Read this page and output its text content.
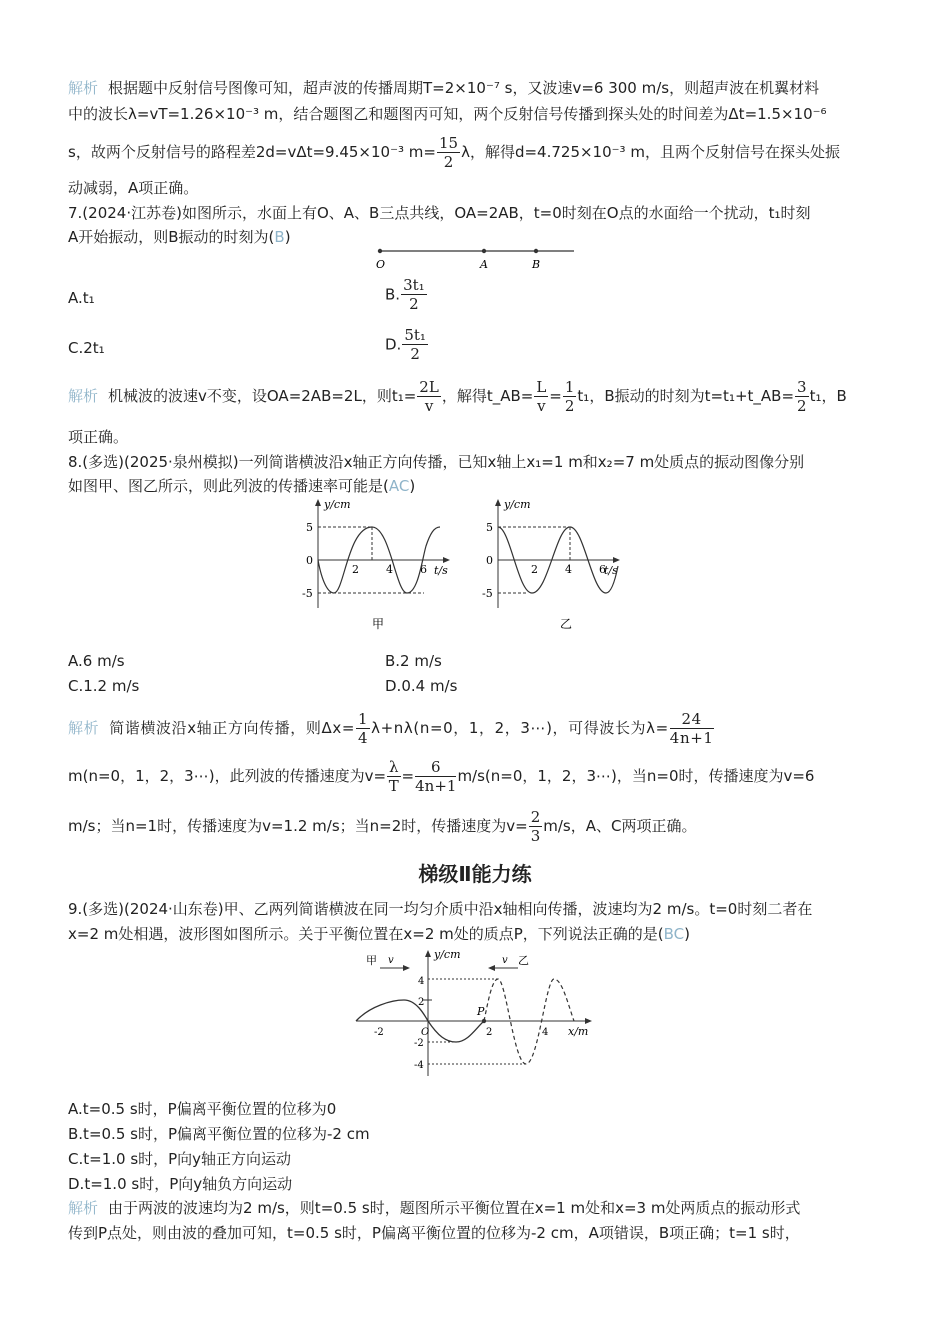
解析 根据题中反射信号图像可知，超声波的传播周期T=2×10⁻⁷ s，又波速v=6 300 m/s，则超声波在机翼材料
中的波长λ=vT=1.26×10⁻³ m，结合题图乙和题图丙可知，两个反射信号传播到探头处的时间差为Δt=1.5×10⁻⁶
s，故两个反射信号的路程差2d=vΔt=9.45×10⁻³ $m= \frac{15}{2}$ λ，解得d=4.725×10⁻³ m，且两个反射信号在探头处振
动减弱，A项正确。
7.(2024·江苏卷)如图所示，水面上有O、A、B三点共线，OA=2AB，t=0时刻在O点的水面给一个扰动，t₁时刻
A开始振动，则B振动的时刻为(B)
O	A	B
A.t₁	B. $\frac{\text{3t₁}}{2}$
C.2t₁	D. $\frac{\text{5t₁}}{2}$
解析 机械波的波速v不变，设OA=2AB=2L，则$t_1= \frac{2L}{v}$ ，解得t_AB= $\frac{L}{v} = \frac{1}{2} t_1$，B振动的时刻为t=t₁+t_AB= $\frac{3}{2} t_1$，B
项正确。
8.(多选)(2025·泉州模拟)一列简谐横波沿x轴正方向传播，已知x轴上x₁=1 m和x₂=7 m处质点的振动图像分别
如图甲、图乙所示，则此列波的传播速率可能是(AC)
y/cm
t/s
5
0
-5
2 4 6
甲
y/cm
t/s
5
0
-5
2 4 6
乙
A.6 m/s	B.2 m/s
C.1.2 m/s	D.0.4 m/s
解析 简谐横波沿x轴正方向传播，则$\Delta x= \frac{1}{4} \lambda+n\lambda(n=0$，1，2，3⋯)，可得波长为$\lambda= \frac{24}{4n+1}$
m(n=0，1，2，3⋯)，此列波的传播速度为$v= \frac{\lambda}{T} = \frac{6}{4n+1} m/s(n=0$，1，2，3⋯)，当n=0时，传播速度为v=6
m/s；当n=1时，传播速度为v=1.2 m/s；当n=2时，传播速度为$v= \frac{2}{3} m/s$，A、C两项正确。
梯级Ⅱ能力练
9.(多选)(2024·山东卷)甲、乙两列简谐横波在同一均匀介质中沿x轴相向传播，波速均为2 m/s。t=0时刻二者在
x=2 m处相遇，波形图如图所示。关于平衡位置在x=2 m处的质点P，下列说法正确的是(BC)
y/cm
x/m
甲 v	乙
v
4
2
-2
-4
-2	O	2	4
P
A.t=0.5 s时，P偏离平衡位置的位移为0
B.t=0.5 s时，P偏离平衡位置的位移为-2 cm
C.t=1.0 s时，P向y轴正方向运动
D.t=1.0 s时，P向y轴负方向运动
解析 由于两波的波速均为2 m/s，则t=0.5 s时，题图所示平衡位置在x=1 m处和x=3 m处两质点的振动形式
传到P点处，则由波的叠加可知，t=0.5 s时，P偏离平衡位置的位移为-2 cm，A项错误，B项正确；t=1 s时，
